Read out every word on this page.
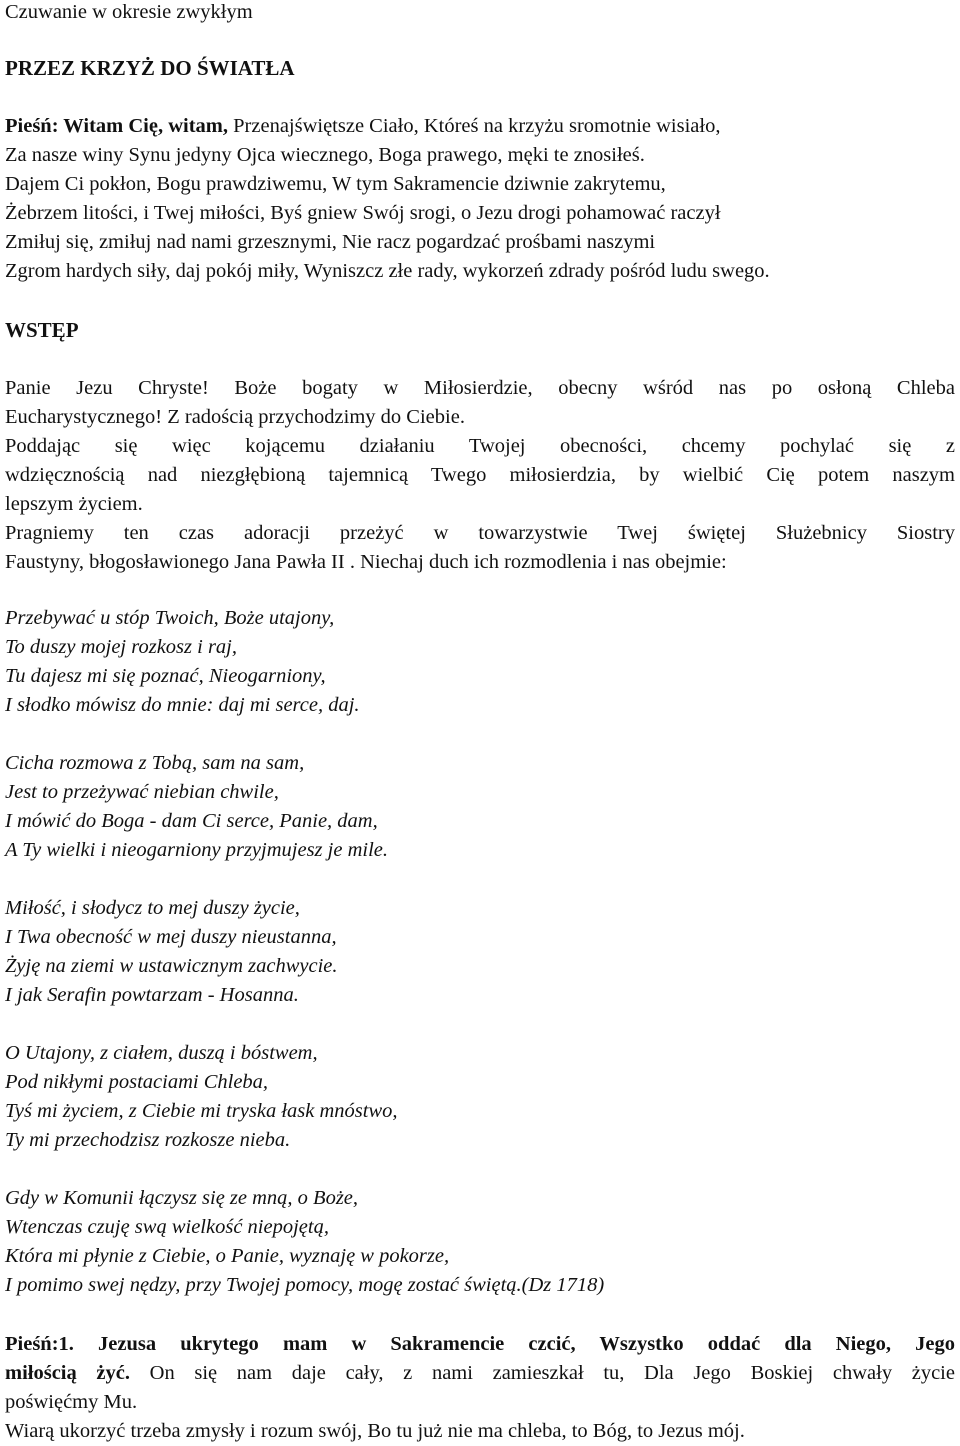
Czuwanie w okresie zwykłym
PRZEZ KRZYŻ DO ŚWIATŁA
Pieśń: Witam Cię, witam, Przenajświętsze Ciało, Któreś na krzyżu sromotnie wisiało,
Za nasze winy Synu jedyny Ojca wiecznego, Boga prawego, męki te znosiłeś.
Dajem Ci pokłon, Bogu prawdziwemu, W tym Sakramencie dziwnie zakrytemu,
Żebrzem litości, i Twej miłości, Byś gniew Swój srogi, o Jezu drogi pohamować raczył
Zmiłuj się, zmiłuj nad nami grzesznymi, Nie racz pogardzać prośbami naszymi
Zgrom hardych siły, daj pokój miły, Wyniszcz złe rady, wykorzeń zdrady pośród ludu swego.
WSTĘP
Panie Jezu Chryste! Boże bogaty w Miłosierdzie, obecny wśród nas po osłoną Chleba
Eucharystycznego! Z radością przychodzimy do Ciebie.
Poddając się więc kojącemu działaniu Twojej obecności, chcemy pochylać się z
wdzięcznością nad niezgłębioną tajemnicą Twego miłosierdzia, by wielbić Cię potem naszym
lepszym życiem.
Pragniemy ten czas adoracji przeżyć w towarzystwie Twej świętej Służebnicy Siostry
Faustyny, błogosławionego Jana Pawła II . Niechaj duch ich rozmodlenia i nas obejmie:
Przebywać u stóp Twoich, Boże utajony,
To duszy mojej rozkosz i raj,
Tu dajesz mi się poznać, Nieogarniony,
I słodko mówisz do mnie: daj mi serce, daj.
Cicha rozmowa z Tobą, sam na sam,
Jest to przeżywać niebian chwile,
I mówić do Boga - dam Ci serce, Panie, dam,
A Ty wielki i nieogarniony przyjmujesz je mile.
Miłość, i słodycz to mej duszy życie,
I Twa obecność w mej duszy nieustanna,
Żyję na ziemi w ustawicznym zachwycie.
I jak Serafin powtarzam - Hosanna.
O Utajony, z ciałem, duszą i bóstwem,
Pod nikłymi postaciami Chleba,
Tyś mi życiem, z Ciebie mi tryska łask mnóstwo,
Ty mi przechodzisz rozkosze nieba.
Gdy w Komunii łączysz się ze mną, o Boże,
Wtenczas czuję swą wielkość niepojętą,
Która mi płynie z Ciebie, o Panie, wyznaję w pokorze,
I pomimo swej nędzy, przy Twojej pomocy, mogę zostać świętą.(Dz 1718)
Pieśń:1. Jezusa ukrytego mam w Sakramencie czcić, Wszystko oddać dla Niego, Jego
miłością żyć. On się nam daje cały, z nami zamieszkał tu, Dla Jego Boskiej chwały życie
poświęćmy Mu.
Wiarą ukorzyć trzeba zmysły i rozum swój, Bo tu już nie ma chleba, to Bóg, to Jezus mój.
